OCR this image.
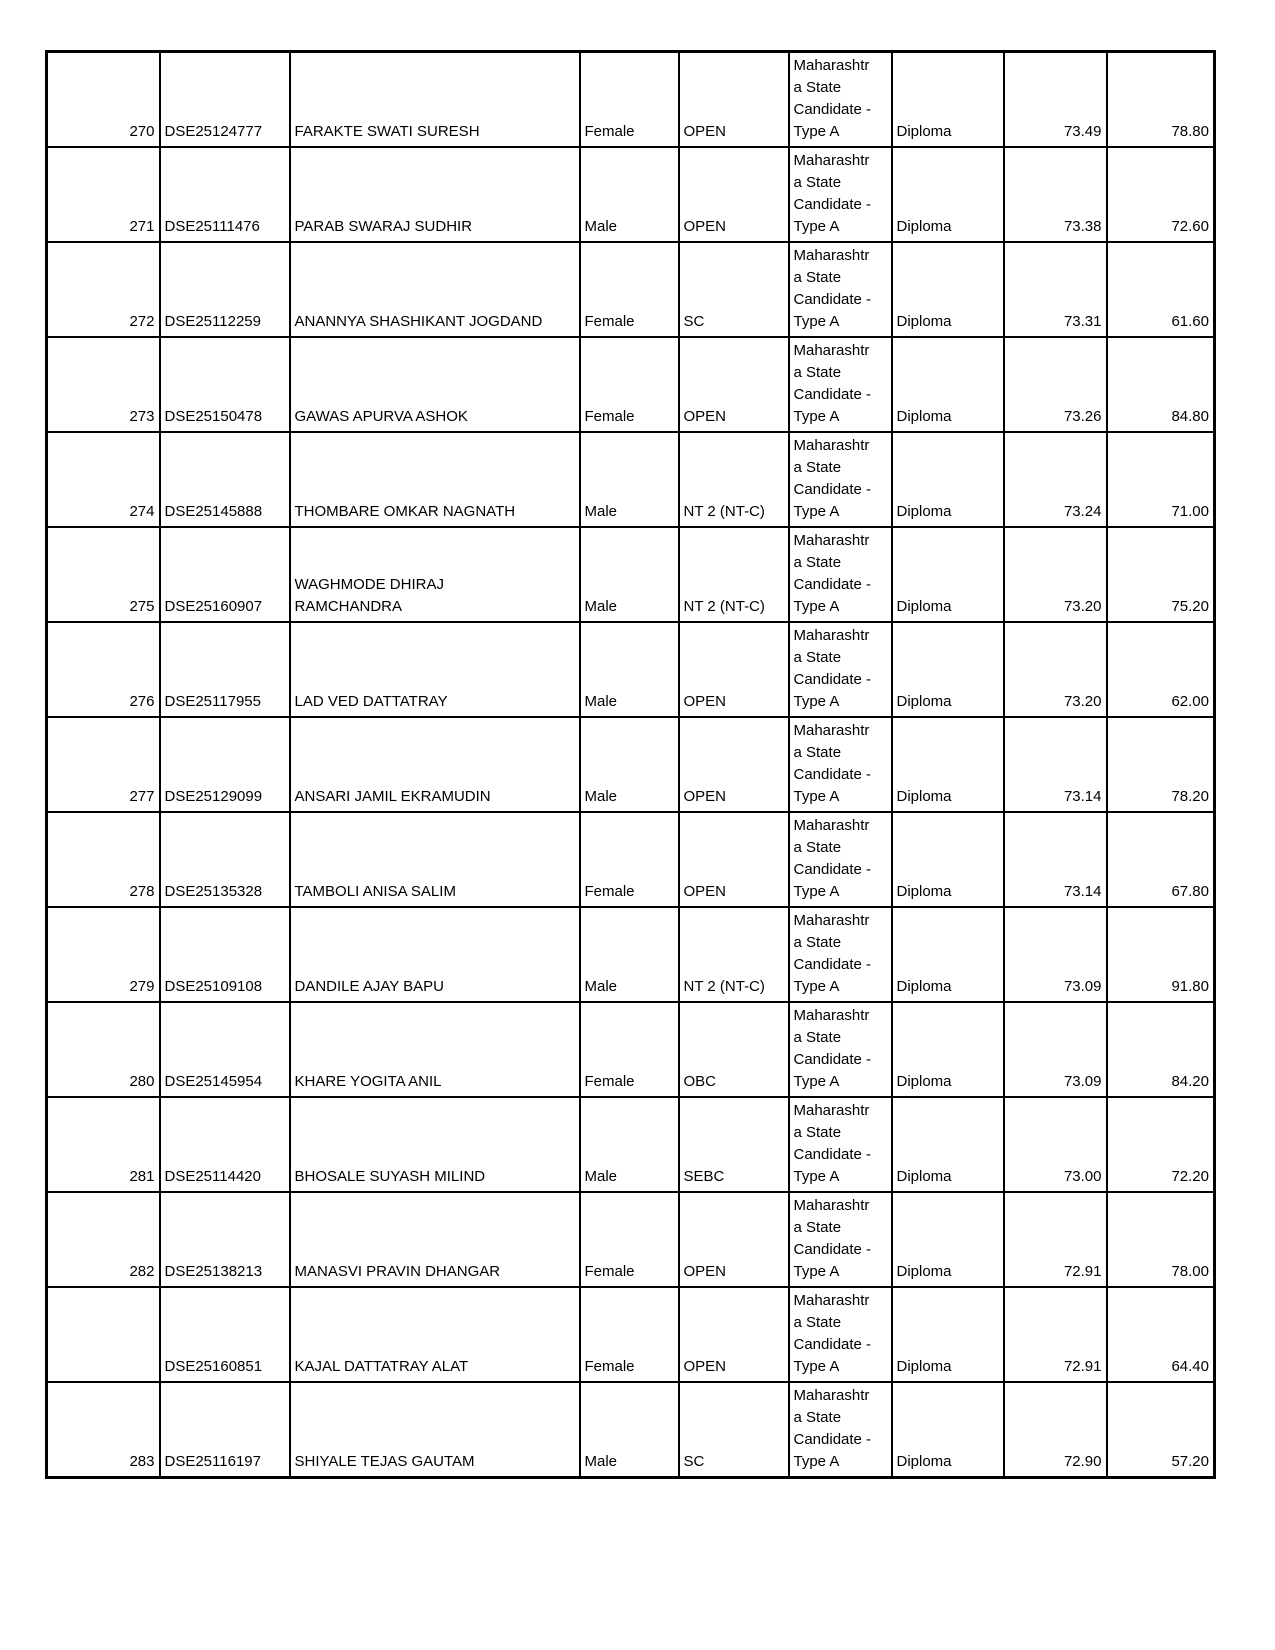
270	DSE25124777	FARAKTE SWATI SURESH	Female	OPEN	Maharashtr
a State
Candidate -
Type A	Diploma	73.49	78.80
271	DSE25111476	PARAB SWARAJ SUDHIR	Male	OPEN	Maharashtr
a State
Candidate -
Type A	Diploma	73.38	72.60
272	DSE25112259	ANANNYA SHASHIKANT JOGDAND	Female	SC	Maharashtr
a State
Candidate -
Type A	Diploma	73.31	61.60
273	DSE25150478	GAWAS APURVA ASHOK	Female	OPEN	Maharashtr
a State
Candidate -
Type A	Diploma	73.26	84.80
274	DSE25145888	THOMBARE OMKAR NAGNATH	Male	NT 2 (NT-C)	Maharashtr
a State
Candidate -
Type A	Diploma	73.24	71.00
275	DSE25160907	WAGHMODE DHIRAJ
RAMCHANDRA	Male	NT 2 (NT-C)	Maharashtr
a State
Candidate -
Type A	Diploma	73.20	75.20
276	DSE25117955	LAD VED DATTATRAY	Male	OPEN	Maharashtr
a State
Candidate -
Type A	Diploma	73.20	62.00
277	DSE25129099	ANSARI JAMIL EKRAMUDIN	Male	OPEN	Maharashtr
a State
Candidate -
Type A	Diploma	73.14	78.20
278	DSE25135328	TAMBOLI ANISA SALIM	Female	OPEN	Maharashtr
a State
Candidate -
Type A	Diploma	73.14	67.80
279	DSE25109108	DANDILE AJAY BAPU	Male	NT 2 (NT-C)	Maharashtr
a State
Candidate -
Type A	Diploma	73.09	91.80
280	DSE25145954	KHARE YOGITA ANIL	Female	OBC	Maharashtr
a State
Candidate -
Type A	Diploma	73.09	84.20
281	DSE25114420	BHOSALE SUYASH MILIND	Male	SEBC	Maharashtr
a State
Candidate -
Type A	Diploma	73.00	72.20
282	DSE25138213	MANASVI PRAVIN DHANGAR	Female	OPEN	Maharashtr
a State
Candidate -
Type A	Diploma	72.91	78.00
	DSE25160851	KAJAL DATTATRAY ALAT	Female	OPEN	Maharashtr
a State
Candidate -
Type A	Diploma	72.91	64.40
283	DSE25116197	SHIYALE TEJAS GAUTAM	Male	SC	Maharashtr
a State
Candidate -
Type A	Diploma	72.90	57.20
